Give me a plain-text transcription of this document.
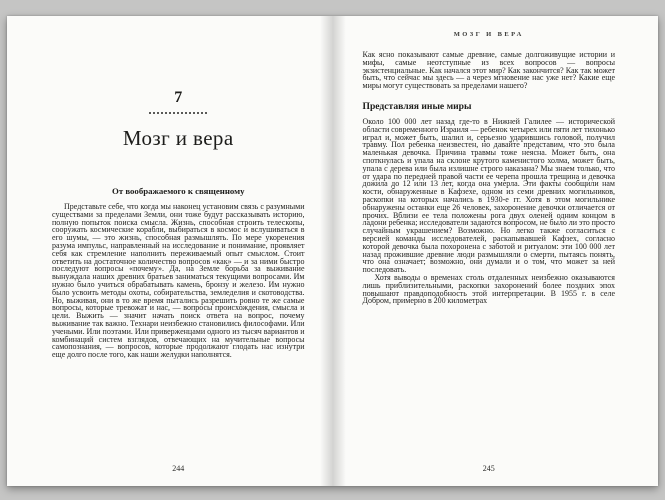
7
Мозг и вера
От воображаемого к священному

Представьте себе, что когда мы наконец установим связь с разумными существами за пределами Земли, они тоже будут рассказывать историю, полную попыток поиска смысла. Жизнь, способная строить телескопы, сооружать космические корабли, выбираться в космос и вслушиваться в его шумы, — это жизнь, способная размышлять. По мере укоренения разума импульс, направленный на исследование и понимание, проявляет себя как стремление наполнить переживаемый опыт смыслом. Стоит ответить на достаточное количество вопросов «как» — и за ними быстро последуют вопросы «почему». Да, на Земле борьба за выживание вынуждала наших древних братьев заниматься текущими вопросами. Им нужно было учиться обрабатывать камень, бронзу и железо. Им нужно было усвоить методы охоты, собирательства, земледелия и скотоводства. Но, выживая, они в то же время пытались разрешить ровно те же самые вопросы, которые тревожат и нас, — вопросы происхождения, смысла и цели. Выжить — значит начать поиск ответа на вопрос, почему выживание так важно. Технари неизбежно становились философами. Или учеными. Или поэтами. Или приверженцами одного из тысяч вариантов и комбинаций систем взглядов, отвечающих на мучительные вопросы самопознания, — вопросов, которые продолжают глодать нас изнутри еще долго после того, как наши желудки наполнятся.

244
МОЗГ И ВЕРА

Как ясно показывают самые древние, самые долгоживущие истории и мифы, самые неотступные из всех вопросов — вопросы экзистенциальные. Как начался этот мир? Как закончится? Как так может быть, что сейчас мы здесь — а через мгновение нас уже нет? Какие еще миры могут существовать за пределами нашего?

Представляя иные миры

Около 100 000 лет назад где-то в Нижней Галилее — исторической области современного Израиля — ребенок четырех или пяти лет тихонько играл и, может быть, шалил и, серьезно ударившись головой, получил травму. Пол ребенка неизвестен, но давайте представим, что это была маленькая девочка. Причина травмы тоже неясна. Может быть, она споткнулась и упала на склоне крутого каменистого холма, может быть, упала с дерева или была излишне строго наказана? Мы знаем только, что от удара по передней правой части ее черепа прошла трещина и девочка дожила до 12 или 13 лет, когда она умерла. Эти факты сообщили нам кости, обнаруженные в Кафзехе, одном из семи древних могильников, раскопки на которых начались в 1930-е гг. Хотя в этом могильнике обнаружены останки еще 26 человек, захоронение девочки отличается от прочих. Вблизи ее тела положены рога двух оленей одним концом в ладони ребенка; исследователи задаются вопросом, не было ли это просто случайным украшением? Возможно. Но легко также согласиться с версией команды исследователей, раскапывавшей Кафзех, согласно которой девочка была похоронена с заботой и ритуалом: эти 100 000 лет назад прожившие древние люди размышляли о смерти, пытаясь понять, что она означает; возможно, они думали и о том, что может за ней последовать.

Хотя выводы о временах столь отдаленных неизбежно оказываются лишь приблизительными, раскопки захоронений более поздних эпох повышают правдоподобность этой интерпретации. В 1955 г. в селе Добром, примерно в 200 километрах

245
